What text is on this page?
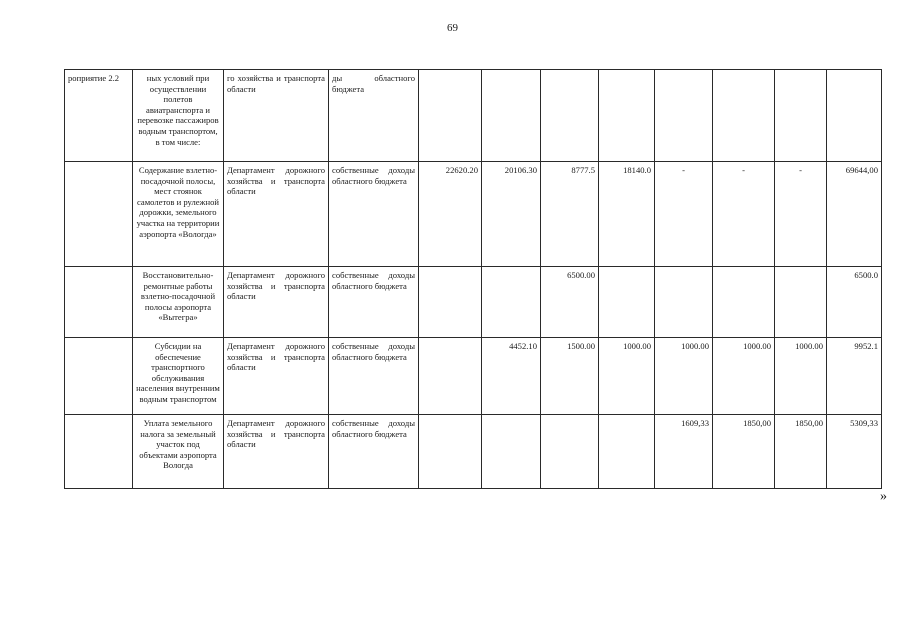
69
роприятие 2.2	ных условий при осуществлении полетов авиатранспорта и перевозке пассажиров водным транспортом, в том числе:	го хозяйства и транспорта области	ды областного бюджета								
	Содержание взлетно-посадочной полосы, мест стоянок самолетов и рулежной дорожки, земельного участка на территории аэропорта «Вологда»	Департамент дорожного хозяйства и транспорта области	собственные доходы областного бюджета	22620.20	20106.30	8777.5	18140.0	-	-	-	69644,00
	Восстановительно-ремонтные работы взлетно-посадочной полосы аэропорта «Вытегра»	Департамент дорожного хозяйства и транспорта области	собственные доходы областного бюджета			6500.00					6500.0
	Субсидии на обеспечение транспортного обслуживания населения внутренним водным транспортом	Департамент дорожного хозяйства и транспорта области	собственные доходы областного бюджета		4452.10	1500.00	1000.00	1000.00	1000.00	1000.00	9952.1
	Уплата земельного налога за земельный участок под объектами аэропорта Вологда	Департамент дорожного хозяйства и транспорта области	собственные доходы областного бюджета					1609,33	1850,00	1850,00	5309,33
»
